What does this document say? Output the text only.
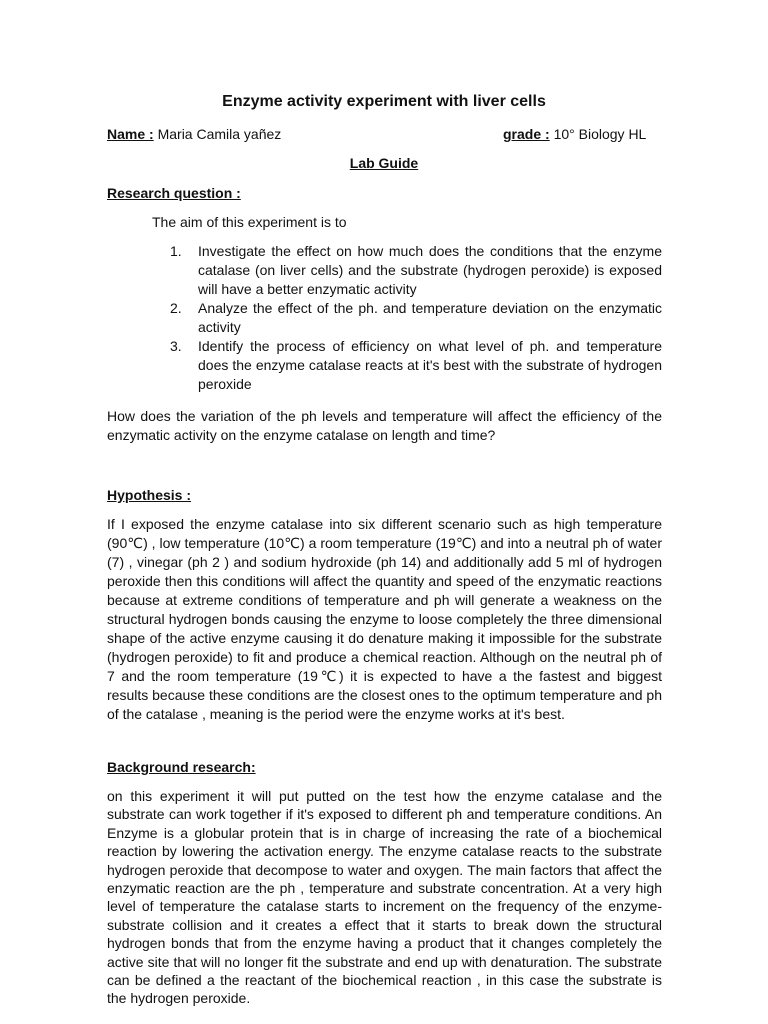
Enzyme activity experiment with liver cells
Name : Maria Camila yañez	grade : 10° Biology HL
Lab Guide
Research question :
The aim of this experiment is to
1.	Investigate the effect on how much does the conditions that the enzyme catalase (on liver cells) and the substrate (hydrogen peroxide) is exposed will have a better enzymatic activity
2.	Analyze the effect of the ph. and temperature deviation on the enzymatic activity
3.	Identify the process of efficiency on what level of ph. and temperature does the enzyme catalase reacts at it's best with the substrate of hydrogen peroxide

How does the variation of the ph levels and temperature will affect the efficiency of the enzymatic activity on the enzyme catalase on length and time?

Hypothesis :

If I exposed the enzyme catalase into six different scenario such as high temperature (90℃) , low temperature (10℃) a room temperature (19℃) and into a neutral ph of water (7) , vinegar (ph 2 ) and sodium hydroxide (ph 14) and additionally add 5 ml of hydrogen peroxide then this conditions will affect the quantity and speed of the enzymatic reactions because at extreme conditions of temperature and ph will generate a weakness on the structural hydrogen bonds causing the enzyme to loose completely the three dimensional shape of the active enzyme causing it do denature making it impossible for the substrate (hydrogen peroxide) to fit and produce a chemical reaction. Although on the neutral ph of 7 and the room temperature (19℃) it is expected to have a the fastest and biggest results because these conditions are the closest ones to the optimum temperature and ph of the catalase , meaning is the period were the enzyme works at it's best.

Background research:

on this experiment it will put putted on the test how the enzyme catalase and the substrate can work together if it's exposed to different ph and temperature conditions. An Enzyme is a globular protein that is in charge of increasing the rate of a biochemical reaction by lowering the activation energy. The enzyme catalase reacts to the substrate hydrogen peroxide that decompose to water and oxygen. The main factors that affect the enzymatic reaction are the ph , temperature and substrate concentration. At a very high level of temperature the catalase starts to increment on the frequency of the enzyme-substrate collision and it creates a effect that it starts to break down the structural hydrogen bonds that from the enzyme having a product that it changes completely the active site that will no longer fit the substrate and end up with denaturation. The substrate can be defined a the reactant of the biochemical reaction , in this case the substrate is the hydrogen peroxide.
